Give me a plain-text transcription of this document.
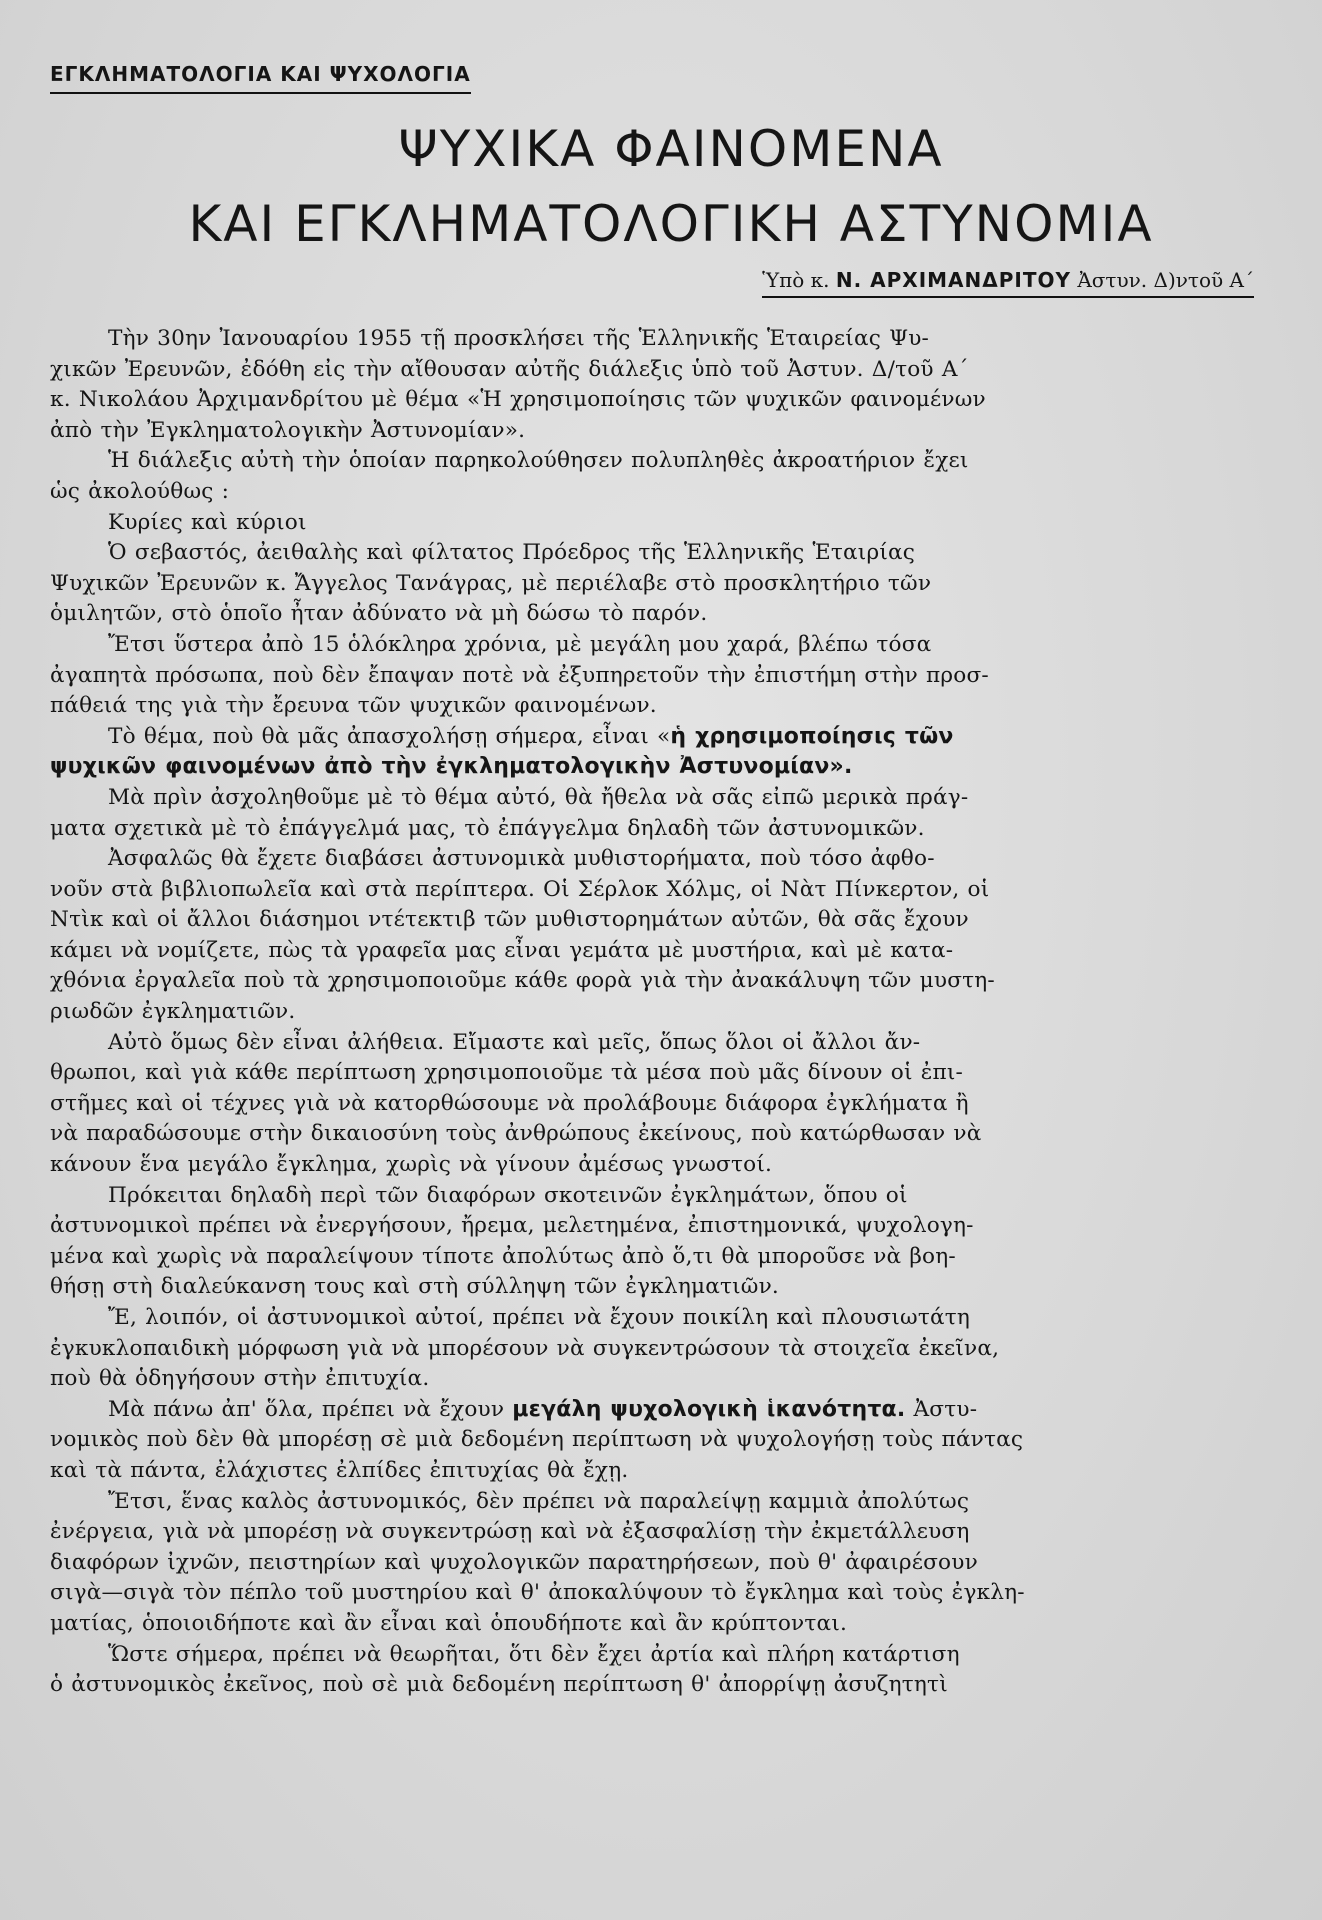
ΕΓΚΛΗΜΑΤΟΛΟΓΙΑ ΚΑΙ ΨΥΧΟΛΟΓΙΑ
ΨΥΧΙΚΑ ΦΑΙΝΟΜΕΝΑ
ΚΑΙ ΕΓΚΛΗΜΑΤΟΛΟΓΙΚΗ ΑΣΤΥΝΟΜΙΑ
Ὑπὸ κ. Ν. ΑΡΧΙΜΑΝΔΡΙΤΟΥ Ἀστυν. Δ)ντοῦ Α΄
Τὴν 30ην Ἰανουαρίου 1955 τῇ προσκλήσει τῆς Ἑλληνικῆς Ἑταιρείας Ψυ-
χικῶν Ἐρευνῶν, ἐδόθη εἰς τὴν αἴθουσαν αὐτῆς διάλεξις ὑπὸ τοῦ Ἀστυν. Δ/τοῦ Α΄
κ. Νικολάου Ἀρχιμανδρίτου μὲ θέμα «Ἡ χρησιμοποίησις τῶν ψυχικῶν φαινομένων
ἀπὸ τὴν Ἐγκληματολογικὴν Ἀστυνομίαν».
Ἡ διάλεξις αὐτὴ τὴν ὁποίαν παρηκολούθησεν πολυπληθὲς ἀκροατήριον ἔχει
ὡς ἀκολούθως :
Κυρίες καὶ κύριοι
Ὁ σεβαστός, ἀειθαλὴς καὶ φίλτατος Πρόεδρος τῆς Ἑλληνικῆς Ἑταιρίας
Ψυχικῶν Ἐρευνῶν κ. Ἄγγελος Τανάγρας, μὲ περιέλαβε στὸ προσκλητήριο τῶν
ὁμιλητῶν, στὸ ὁποῖο ἦταν ἀδύνατο νὰ μὴ δώσω τὸ παρόν.
Ἔτσι ὕστερα ἀπὸ 15 ὁλόκληρα χρόνια, μὲ μεγάλη μου χαρά, βλέπω τόσα
ἀγαπητὰ πρόσωπα, ποὺ δὲν ἔπαψαν ποτὲ νὰ ἐξυπηρετοῦν τὴν ἐπιστήμη στὴν προσ-
πάθειά της γιὰ τὴν ἔρευνα τῶν ψυχικῶν φαινομένων.
Τὸ θέμα, ποὺ θὰ μᾶς ἀπασχολήσῃ σήμερα, εἶναι «ἡ χρησιμοποίησις τῶν
ψυχικῶν φαινομένων ἀπὸ τὴν ἐγκληματολογικὴν Ἀστυνομίαν».
Μὰ πρὶν ἀσχοληθοῦμε μὲ τὸ θέμα αὐτό, θὰ ἤθελα νὰ σᾶς εἰπῶ μερικὰ πράγ-
ματα σχετικὰ μὲ τὸ ἐπάγγελμά μας, τὸ ἐπάγγελμα δηλαδὴ τῶν ἀστυνομικῶν.
Ἀσφαλῶς θὰ ἔχετε διαβάσει ἀστυνομικὰ μυθιστορήματα, ποὺ τόσο ἀφθο-
νοῦν στὰ βιβλιοπωλεῖα καὶ στὰ περίπτερα. Οἱ Σέρλοκ Χόλμς, οἱ Νὰτ Πίνκερτον, οἱ
Ντὶκ καὶ οἱ ἄλλοι διάσημοι ντέτεκτιβ τῶν μυθιστορημάτων αὐτῶν, θὰ σᾶς ἔχουν
κάμει νὰ νομίζετε, πὼς τὰ γραφεῖα μας εἶναι γεμάτα μὲ μυστήρια, καὶ μὲ κατα-
χθόνια ἐργαλεῖα ποὺ τὰ χρησιμοποιοῦμε κάθε φορὰ γιὰ τὴν ἀνακάλυψη τῶν μυστη-
ριωδῶν ἐγκληματιῶν.
Αὐτὸ ὅμως δὲν εἶναι ἀλήθεια. Εἴμαστε καὶ μεῖς, ὅπως ὅλοι οἱ ἄλλοι ἄν-
θρωποι, καὶ γιὰ κάθε περίπτωση χρησιμοποιοῦμε τὰ μέσα ποὺ μᾶς δίνουν οἱ ἐπι-
στῆμες καὶ οἱ τέχνες γιὰ νὰ κατορθώσουμε νὰ προλάβουμε διάφορα ἐγκλήματα ἢ
νὰ παραδώσουμε στὴν δικαιοσύνη τοὺς ἀνθρώπους ἐκείνους, ποὺ κατώρθωσαν νὰ
κάνουν ἕνα μεγάλο ἔγκλημα, χωρὶς νὰ γίνουν ἀμέσως γνωστοί.
Πρόκειται δηλαδὴ περὶ τῶν διαφόρων σκοτεινῶν ἐγκλημάτων, ὅπου οἱ
ἀστυνομικοὶ πρέπει νὰ ἐνεργήσουν, ἤρεμα, μελετημένα, ἐπιστημονικά, ψυχολογη-
μένα καὶ χωρὶς νὰ παραλείψουν τίποτε ἀπολύτως ἀπὸ ὅ,τι θὰ μποροῦσε νὰ βοη-
θήσῃ στὴ διαλεύκανση τους καὶ στὴ σύλληψη τῶν ἐγκληματιῶν.
Ἔ, λοιπόν, οἱ ἀστυνομικοὶ αὐτοί, πρέπει νὰ ἔχουν ποικίλη καὶ πλουσιωτάτη
ἐγκυκλοπαιδικὴ μόρφωση γιὰ νὰ μπορέσουν νὰ συγκεντρώσουν τὰ στοιχεῖα ἐκεῖνα,
ποὺ θὰ ὁδηγήσουν στὴν ἐπιτυχία.
Μὰ πάνω ἀπ' ὅλα, πρέπει νὰ ἔχουν μεγάλη ψυχολογικὴ ἱκανότητα. Ἀστυ-
νομικὸς ποὺ δὲν θὰ μπορέσῃ σὲ μιὰ δεδομένη περίπτωση νὰ ψυχολογήσῃ τοὺς πάντας
καὶ τὰ πάντα, ἐλάχιστες ἐλπίδες ἐπιτυχίας θὰ ἔχῃ.
Ἔτσι, ἕνας καλὸς ἀστυνομικός, δὲν πρέπει νὰ παραλείψῃ καμμιὰ ἀπολύτως
ἐνέργεια, γιὰ νὰ μπορέσῃ νὰ συγκεντρώσῃ καὶ νὰ ἐξασφαλίσῃ τὴν ἐκμετάλλευση
διαφόρων ἰχνῶν, πειστηρίων καὶ ψυχολογικῶν παρατηρήσεων, ποὺ θ' ἀφαιρέσουν
σιγὰ—σιγὰ τὸν πέπλο τοῦ μυστηρίου καὶ θ' ἀποκαλύψουν τὸ ἔγκλημα καὶ τοὺς ἐγκλη-
ματίας, ὁποιοιδήποτε καὶ ἂν εἶναι καὶ ὁπουδήποτε καὶ ἂν κρύπτονται.
Ὥστε σήμερα, πρέπει νὰ θεωρῆται, ὅτι δὲν ἔχει ἀρτία καὶ πλήρη κατάρτιση
ὁ ἀστυνομικὸς ἐκεῖνος, ποὺ σὲ μιὰ δεδομένη περίπτωση θ' ἀπορρίψῃ ἀσυζητητὶ
